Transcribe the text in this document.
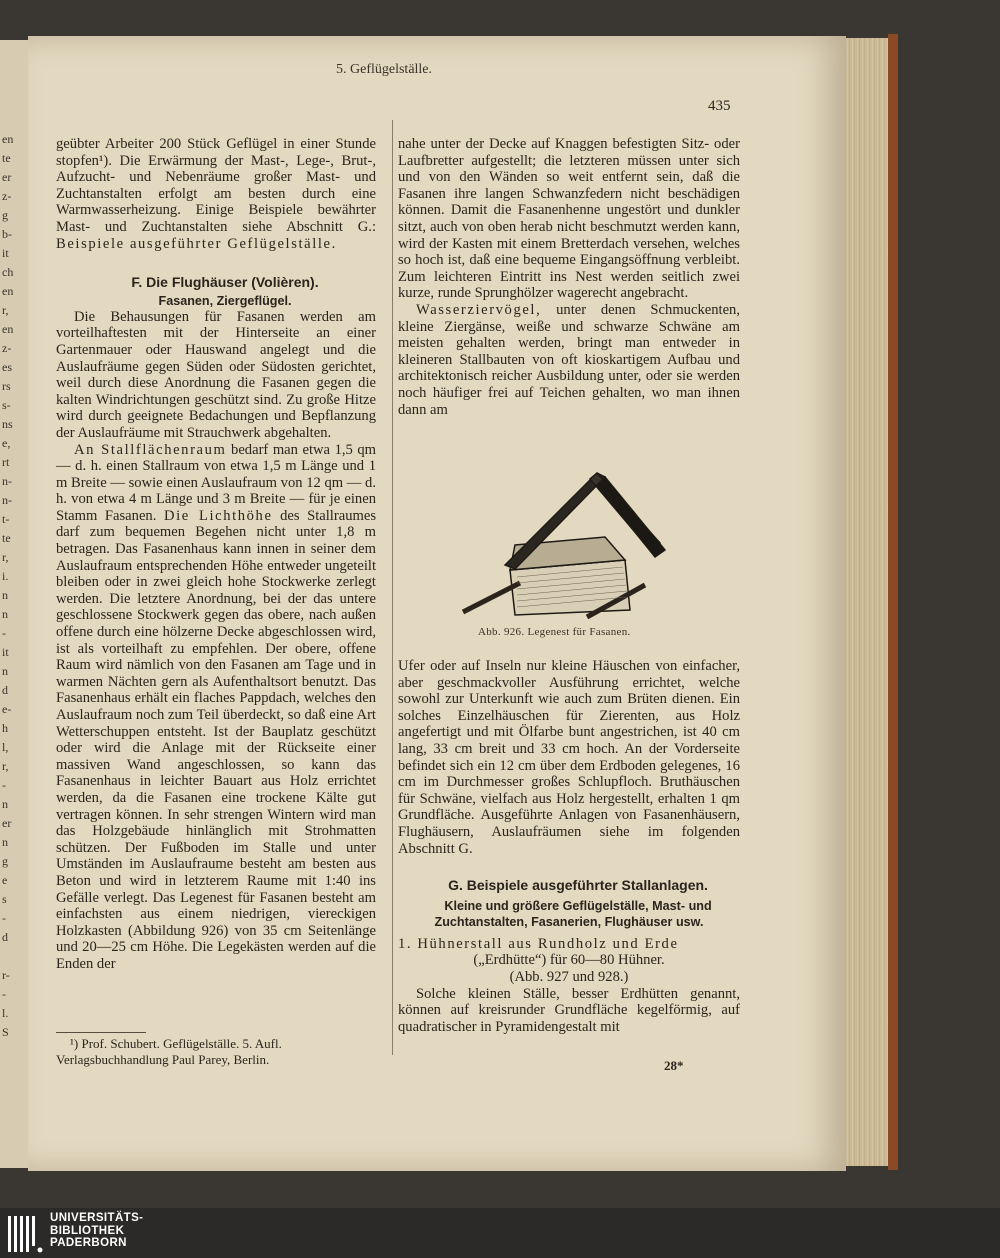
en
te
er
z-
g
b-
it
ch
en
r,
en
z-
es
rs
s-
ns
e,
rt
n-
n-
t-
te
r,
i.
n
n
-
it
n
d
e-
h
l,
r,
-
n
er
n
g
e
s
-
d
r-
-
l.
S
5. Geflügelställe.
435

geübter Arbeiter 200 Stück Geflügel in einer Stunde stopfen¹). Die Erwärmung der Mast-, Lege-, Brut-, Aufzucht- und Nebenräume großer Mast- und Zuchtanstalten erfolgt am besten durch eine Warmwasserheizung. Einige Beispiele bewährter Mast- und Zuchtanstalten siehe Abschnitt G.: Beispiele ausgeführter Geflügelställe.

F. Die Flughäuser (Volièren).

Fasanen, Ziergeflügel.

Die Behausungen für Fasanen werden am vorteilhaftesten mit der Hinterseite an einer Gartenmauer oder Hauswand angelegt und die Auslaufräume gegen Süden oder Südosten gerichtet, weil durch diese Anordnung die Fasanen gegen die kalten Windrichtungen geschützt sind. Zu große Hitze wird durch geeignete Bedachungen und Bepflanzung der Auslaufräume mit Strauchwerk abgehalten.

An Stallflächenraum bedarf man etwa 1,5 qm — d. h. einen Stallraum von etwa 1,5 m Länge und 1 m Breite — sowie einen Auslaufraum von 12 qm — d. h. von etwa 4 m Länge und 3 m Breite — für je einen Stamm Fasanen. Die Lichthöhe des Stallraumes darf zum bequemen Begehen nicht unter 1,8 m betragen. Das Fasanenhaus kann innen in seiner dem Auslaufraum entsprechenden Höhe entweder ungeteilt bleiben oder in zwei gleich hohe Stockwerke zerlegt werden. Die letztere Anordnung, bei der das untere geschlossene Stockwerk gegen das obere, nach außen offene durch eine hölzerne Decke abgeschlossen wird, ist als vorteilhaft zu empfehlen. Der obere, offene Raum wird nämlich von den Fasanen am Tage und in warmen Nächten gern als Aufenthaltsort benutzt. Das Fasanenhaus erhält ein flaches Pappdach, welches den Auslaufraum noch zum Teil überdeckt, so daß eine Art Wetterschuppen entsteht. Ist der Bauplatz geschützt oder wird die Anlage mit der Rückseite einer massiven Wand angeschlossen, so kann das Fasanenhaus in leichter Bauart aus Holz errichtet werden, da die Fasanen eine trockene Kälte gut vertragen können. In sehr strengen Wintern wird man das Holzgebäude hinlänglich mit Strohmatten schützen. Der Fußboden im Stalle und unter Umständen im Auslaufraume besteht am besten aus Beton und wird in letzterem Raume mit 1:40 ins Gefälle verlegt. Das Legenest für Fasanen besteht am einfachsten aus einem niedrigen, viereckigen Holzkasten (Abbildung 926) von 35 cm Seitenlänge und 20—25 cm Höhe. Die Legekästen werden auf die Enden der

¹) Prof. Schubert. Geflügelställe. 5. Aufl. Verlagsbuchhandlung Paul Parey, Berlin.

nahe unter der Decke auf Knaggen befestigten Sitz- oder Laufbretter aufgestellt; die letzteren müssen unter sich und von den Wänden so weit entfernt sein, daß die Fasanen ihre langen Schwanzfedern nicht beschädigen können. Damit die Fasanenhenne ungestört und dunkler sitzt, auch von oben herab nicht beschmutzt werden kann, wird der Kasten mit einem Bretterdach versehen, welches so hoch ist, daß eine bequeme Eingangsöffnung verbleibt. Zum leichteren Eintritt ins Nest werden seitlich zwei kurze, runde Sprunghölzer wagerecht angebracht.

Wasserziervögel, unter denen Schmuckenten, kleine Ziergänse, weiße und schwarze Schwäne am meisten gehalten werden, bringt man entweder in kleineren Stallbauten von oft kioskartigem Aufbau und architektonisch reicher Ausbildung unter, oder sie werden noch häufiger frei auf Teichen gehalten, wo man ihnen dann am

Abb. 926. Legenest für Fasanen.

Ufer oder auf Inseln nur kleine Häuschen von einfacher, aber geschmackvoller Ausführung errichtet, welche sowohl zur Unterkunft wie auch zum Brüten dienen. Ein solches Einzelhäuschen für Zierenten, aus Holz angefertigt und mit Ölfarbe bunt angestrichen, ist 40 cm lang, 33 cm breit und 33 cm hoch. An der Vorderseite befindet sich ein 12 cm über dem Erdboden gelegenes, 16 cm im Durchmesser großes Schlupfloch. Bruthäuschen für Schwäne, vielfach aus Holz hergestellt, erhalten 1 qm Grundfläche. Ausgeführte Anlagen von Fasanenhäusern, Flughäusern, Auslaufräumen siehe im folgenden Abschnitt G.

G. Beispiele ausgeführter Stallanlagen.

Kleine und größere Geflügelställe, Mast- und Zuchtanstalten, Fasanerien, Flughäuser usw.

1. Hühnerstall aus Rundholz und Erde

(„Erdhütte“) für 60—80 Hühner.

(Abb. 927 und 928.)

Solche kleinen Ställe, besser Erdhütten genannt, können auf kreisrunder Grundfläche kegelförmig, auf quadratischer in Pyramidengestalt mit

28*
UNIVERSITÄTS-
BIBLIOTHEK
PADERBORN
